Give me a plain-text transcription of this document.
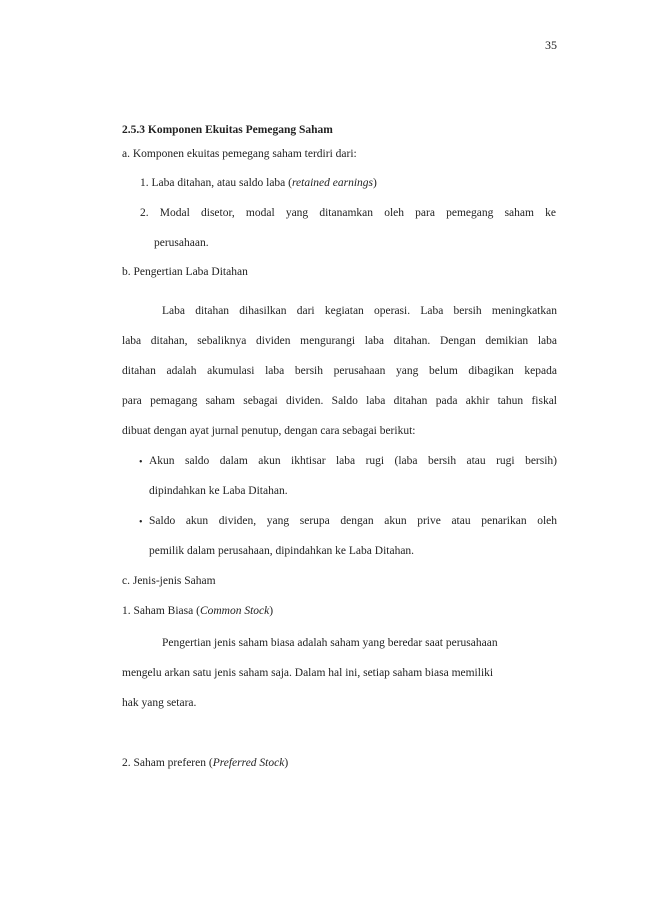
35
2.5.3 Komponen Ekuitas Pemegang Saham
a. Komponen ekuitas pemegang saham terdiri dari:
1. Laba ditahan, atau saldo laba (retained earnings)
2. Modal disetor, modal yang ditanamkan oleh para pemegang saham ke
perusahaan.
b. Pengertian Laba Ditahan
Laba ditahan dihasilkan dari kegiatan operasi. Laba bersih meningkatkan
laba ditahan, sebaliknya dividen mengurangi laba ditahan. Dengan demikian laba
ditahan adalah akumulasi laba bersih perusahaan yang belum dibagikan kepada
para pemagang saham sebagai dividen. Saldo laba ditahan pada akhir tahun fiskal
dibuat dengan ayat jurnal penutup, dengan cara sebagai berikut:
• Akun saldo dalam akun ikhtisar laba rugi (laba bersih atau rugi bersih)
dipindahkan ke Laba Ditahan.
• Saldo akun dividen, yang serupa dengan akun prive atau penarikan oleh
pemilik dalam perusahaan, dipindahkan ke Laba Ditahan.
c. Jenis-jenis Saham
1. Saham Biasa (Common Stock)
Pengertian jenis saham biasa adalah saham yang beredar saat perusahaan
mengelu arkan satu jenis saham saja. Dalam hal ini, setiap saham biasa memiliki
hak yang setara.
2. Saham preferen (Preferred Stock)
